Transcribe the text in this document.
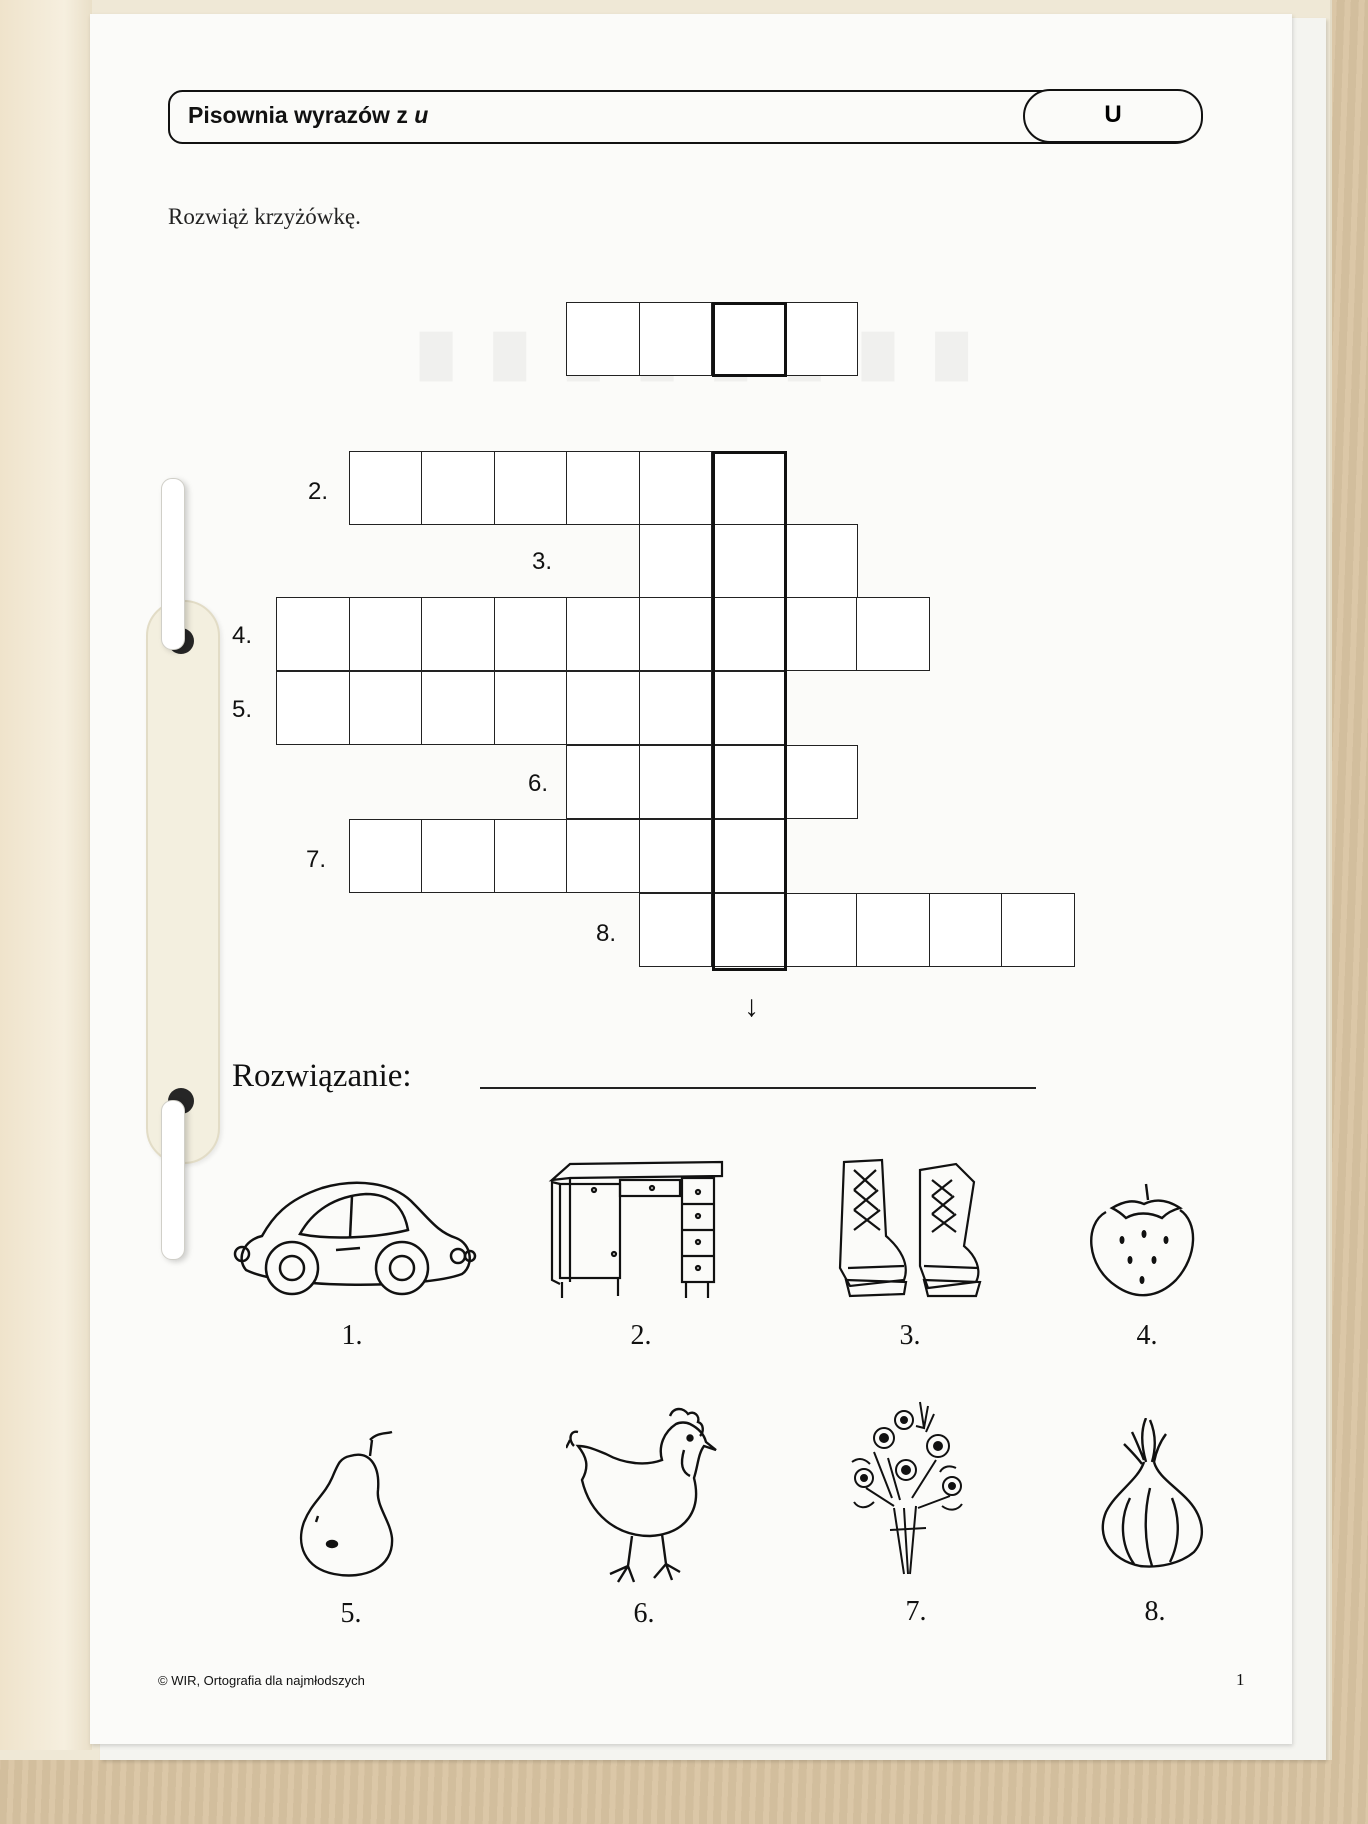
Pisownia wyrazów z u	U
Rozwiąż krzyżówkę.
2.
3.
4.
5.
6.
7.
8.
↓
Rozwiązanie:
1.	2.	3.	4.
5.	6.	7.	8.
© WIR, Ortografia dla najmłodszych	1
